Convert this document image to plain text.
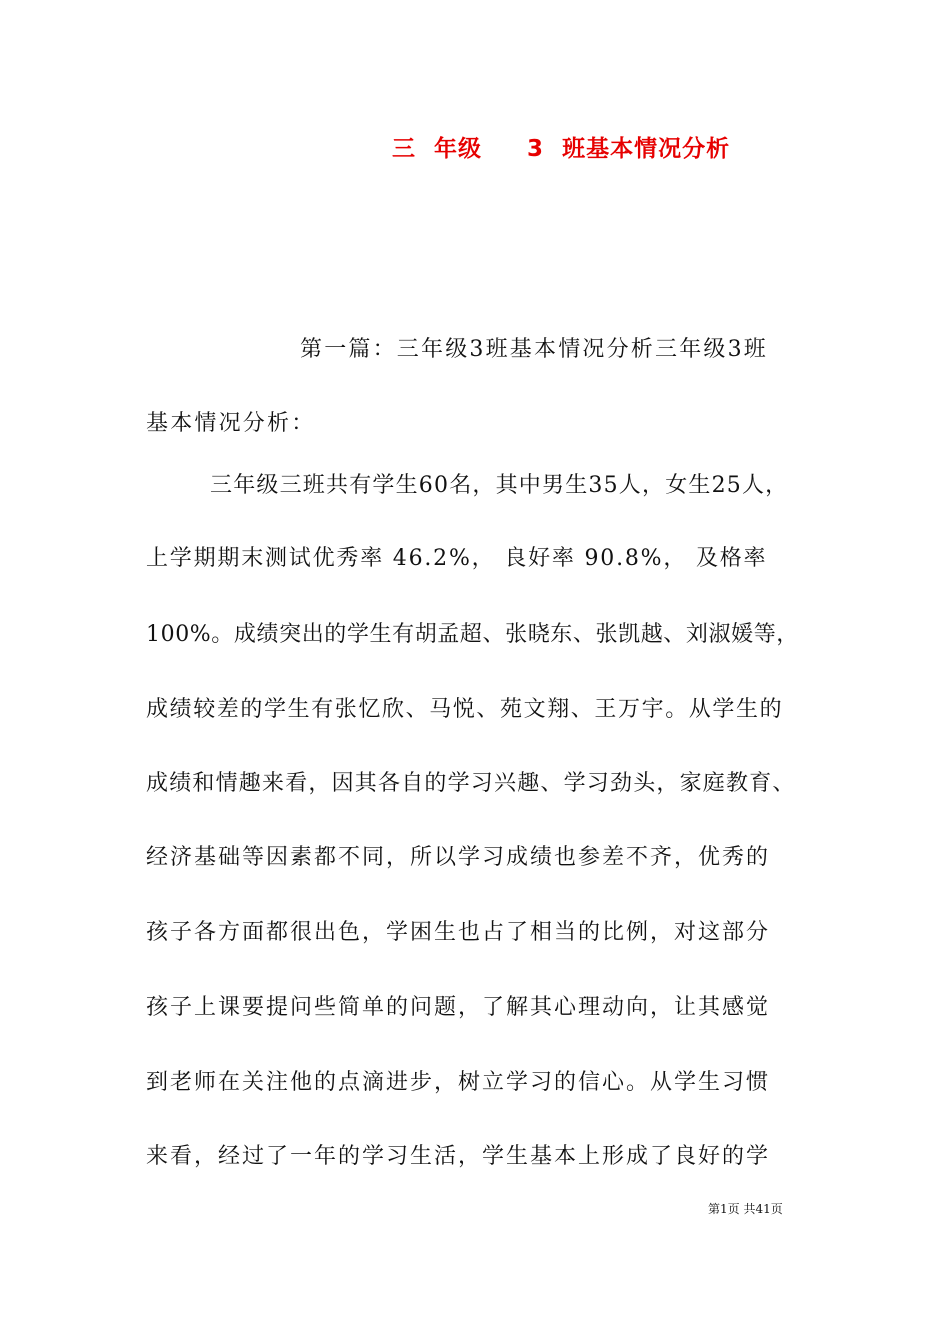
三  年级     3  班基本情况分析
第一篇：三年级3班基本情况分析三年级3班
基本情况分析：
三年级三班共有学生60名，其中男生35人，女生25人，
上学期期末测试优秀率 46.2%， 良好率 90.8%， 及格率
100%。成绩突出的学生有胡孟超、张晓东、张凯越、刘淑媛等，
成绩较差的学生有张忆欣、马悦、苑文翔、王万宇。从学生的
成绩和情趣来看，因其各自的学习兴趣、学习劲头，家庭教育、
经济基础等因素都不同，所以学习成绩也参差不齐，优秀的
孩子各方面都很出色，学困生也占了相当的比例，对这部分
孩子上课要提问些简单的问题，了解其心理动向，让其感觉
到老师在关注他的点滴进步，树立学习的信心。从学生习惯
来看，经过了一年的学习生活，学生基本上形成了良好的学
第1页 共41页
